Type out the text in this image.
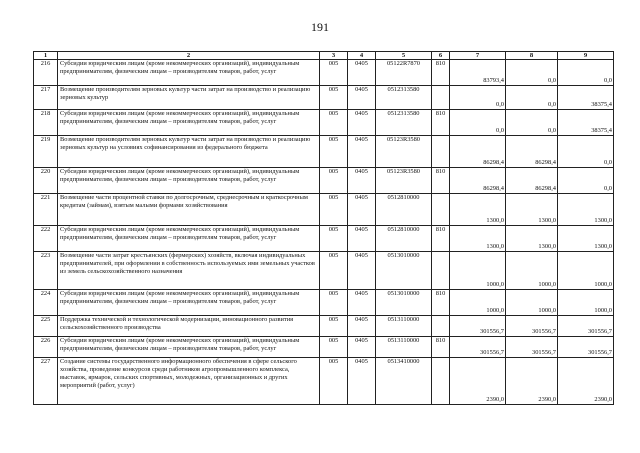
191
1	2	3	4	5	6	7	8	9
216	Субсидии юридическим лицам (кроме некоммерческих организаций), индивидуальным предпринимателям, физическим лицам – производителям товаров, работ, услуг	005	0405	05122R7870	810	83793,4	0,0	0,0
217	Возмещение производителям зерновых культур части затрат на производство и реализацию зерновых культур	005	0405	0512313580		0,0	0,0	38375,4
218	Субсидии юридическим лицам (кроме некоммерческих организаций), индивидуальным предпринимателям, физическим лицам – производителям товаров, работ, услуг	005	0405	0512313580	810	0,0	0,0	38375,4
219	Возмещение производителям зерновых культур части затрат на производство и реализацию зерновых культур на условиях софинансирования из федерального бюджета	005	0405	05123R3580		86298,4	86298,4	0,0
220	Субсидии юридическим лицам (кроме некоммерческих организаций), индивидуальным предпринимателям, физическим лицам – производителям товаров, работ, услуг	005	0405	05123R3580	810	86298,4	86298,4	0,0
221	Возмещение части процентной ставки по долгосрочным, среднесрочным и краткосрочным кредитам (займам), взятым малыми формами хозяйствования	005	0405	0512810000		1300,0	1300,0	1300,0
222	Субсидии юридическим лицам (кроме некоммерческих организаций), индивидуальным предпринимателям, физическим лицам – производителям товаров, работ, услуг	005	0405	0512810000	810	1300,0	1300,0	1300,0
223	Возмещение части затрат крестьянских (фермерских) хозяйств, включая индивидуальных предпринимателей, при оформлении в собственность используемых ими земельных участков из земель сельскохозяйственного назначения	005	0405	0513010000		1000,0	1000,0	1000,0
224	Субсидии юридическим лицам (кроме некоммерческих организаций), индивидуальным предпринимателям, физическим лицам – производителям товаров, работ, услуг	005	0405	0513010000	810	1000,0	1000,0	1000,0
225	Поддержка технической и технологической модернизации, инновационного развития сельскохозяйственного производства	005	0405	0513110000		301556,7	301556,7	301556,7
226	Субсидии юридическим лицам (кроме некоммерческих организаций), индивидуальным предпринимателям, физическим лицам – производителям товаров, работ, услуг	005	0405	0513110000	810	301556,7	301556,7	301556,7
227	Создание системы государственного информационного обеспечения в сфере сельского хозяйства, проведение конкурсов среди работников агропромышленного комплекса, выставок, ярмарок, сельских спортивных, молодежных, организационных и других мероприятий (работ, услуг)	005	0405	0513410000		2390,0	2390,0	2390,0
